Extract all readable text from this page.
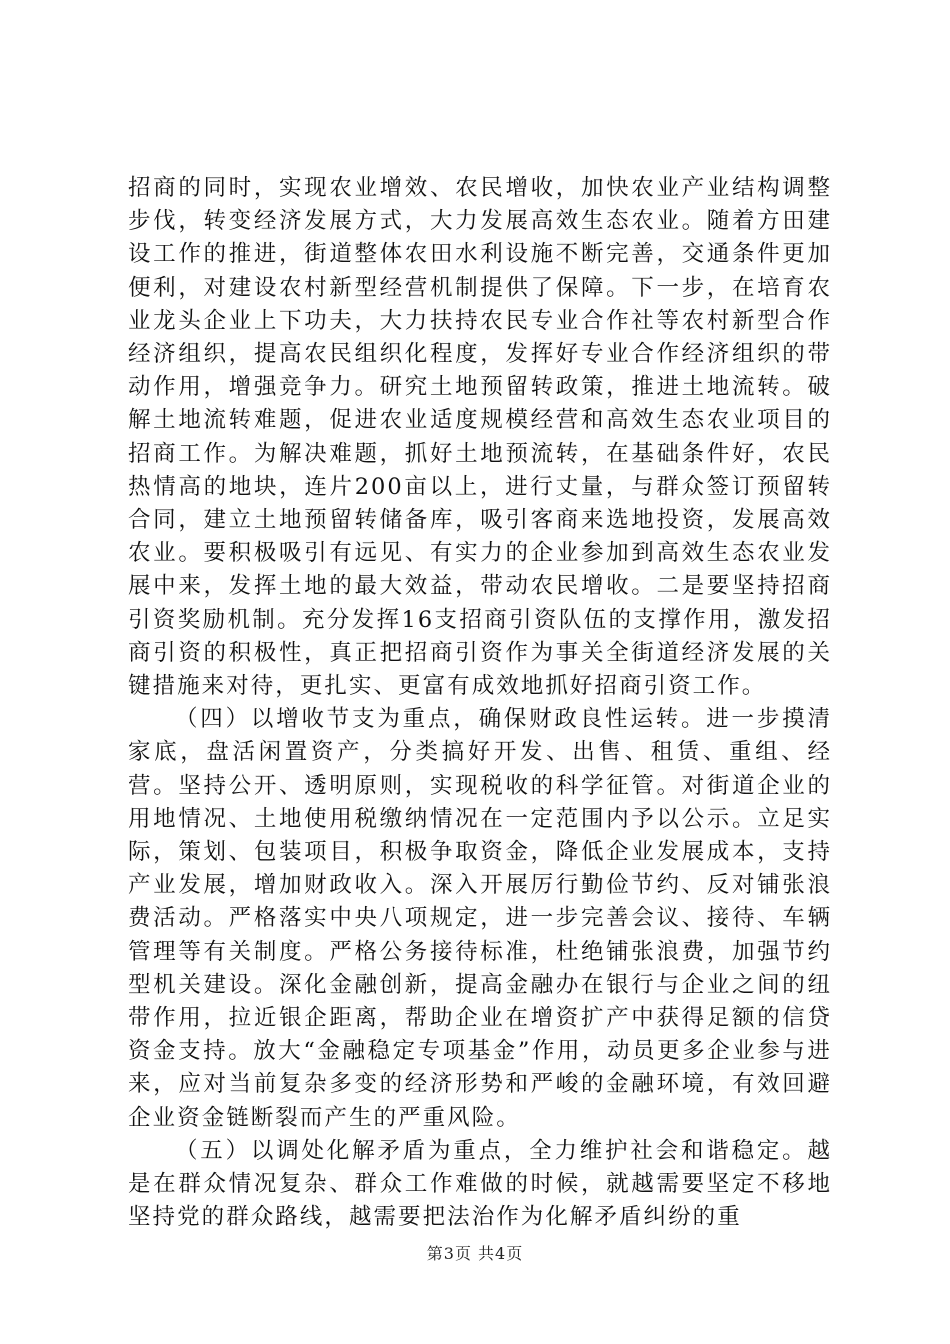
招商的同时，实现农业增效、农民增收，加快农业产业结构调整步伐，转变经济发展方式，大力发展高效生态农业。随着方田建设工作的推进，街道整体农田水利设施不断完善，交通条件更加便利，对建设农村新型经营机制提供了保障。下一步，在培育农业龙头企业上下功夫，大力扶持农民专业合作社等农村新型合作经济组织，提高农民组织化程度，发挥好专业合作经济组织的带动作用，增强竞争力。研究土地预留转政策，推进土地流转。破解土地流转难题，促进农业适度规模经营和高效生态农业项目的招商工作。为解决难题，抓好土地预流转，在基础条件好，农民热情高的地块，连片200亩以上，进行丈量，与群众签订预留转合同，建立土地预留转储备库，吸引客商来选地投资，发展高效农业。要积极吸引有远见、有实力的企业参加到高效生态农业发展中来，发挥土地的最大效益，带动农民增收。二是要坚持招商引资奖励机制。充分发挥16支招商引资队伍的支撑作用，激发招商引资的积极性，真正把招商引资作为事关全街道经济发展的关键措施来对待，更扎实、更富有成效地抓好招商引资工作。

（四）以增收节支为重点，确保财政良性运转。进一步摸清家底，盘活闲置资产，分类搞好开发、出售、租赁、重组、经营。坚持公开、透明原则，实现税收的科学征管。对街道企业的用地情况、土地使用税缴纳情况在一定范围内予以公示。立足实际，策划、包装项目，积极争取资金，降低企业发展成本，支持产业发展，增加财政收入。深入开展厉行勤俭节约、反对铺张浪费活动。严格落实中央八项规定，进一步完善会议、接待、车辆管理等有关制度。严格公务接待标准，杜绝铺张浪费，加强节约型机关建设。深化金融创新，提高金融办在银行与企业之间的纽带作用，拉近银企距离，帮助企业在增资扩产中获得足额的信贷资金支持。放大“金融稳定专项基金”作用，动员更多企业参与进来，应对当前复杂多变的经济形势和严峻的金融环境，有效回避企业资金链断裂而产生的严重风险。

（五）以调处化解矛盾为重点，全力维护社会和谐稳定。越是在群众情况复杂、群众工作难做的时候，就越需要坚定不移地坚持党的群众路线，越需要把法治作为化解矛盾纠纷的重

第3页 共4页
